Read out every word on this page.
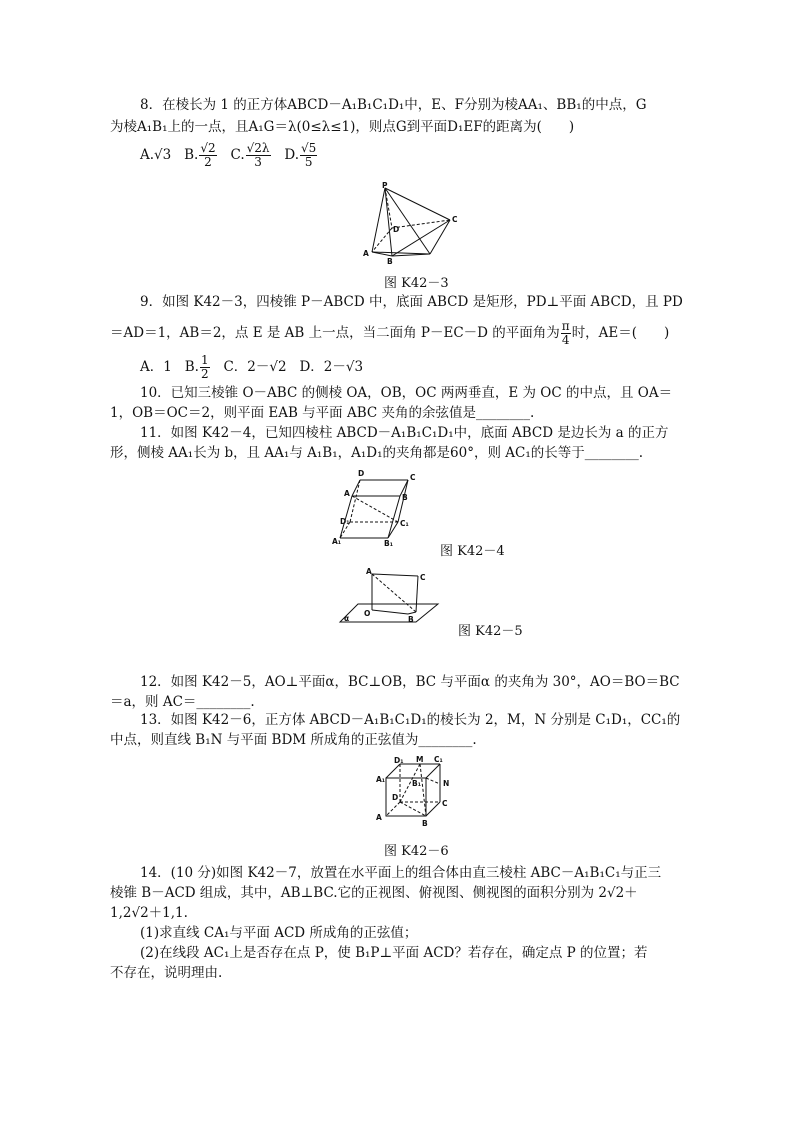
8．在棱长为 1 的正方体ABCD－A₁B₁C₁D₁中，E、F分别为棱AA₁、BB₁的中点，G
为棱A₁B₁上的一点，且A₁G＝λ(0≤λ≤1)，则点G到平面D₁EF的距离为(　　)
A.√3 B. $\frac{√2}{2} C$. $\frac{√2\lambda}{3} D$. $\frac{√5}{5}$
P
A
B
C
D
图 K42－3
9．如图 K42－3，四棱锥 P－ABCD 中，底面 ABCD 是矩形，PD⊥平面 ABCD，且 PD
＝AD＝1，AB＝2，点 E 是 AB 上一点，当二面角 P－EC－D 的平面角为 $\frac{\pi}{4}$ 时，AE＝(　　)
A．1 B. $\frac{1}{2}$ C．2－√2 D．2－√3
10．已知三棱锥 O－ABC 的侧棱 OA，OB，OC 两两垂直，E 为 OC 的中点，且 OA＝
1，OB＝OC＝2，则平面 EAB 与平面 ABC 夹角的余弦值是________.
11．如图 K42－4，已知四棱柱 ABCD－A₁B₁C₁D₁中，底面 ABCD 是边长为 a 的正方
形，侧棱 AA₁长为 b，且 AA₁与 A₁B₁，A₁D₁的夹角都是60°，则 AC₁的长等于________.
D	C
A	B
D₁	C₁
A₁	B₁
图 K42－4
A
C
O
B
α
图 K42－5
12．如图 K42－5，AO⊥平面α，BC⊥OB，BC 与平面α 的夹角为 30°，AO＝BO＝BC
＝a，则 AC＝________.
13．如图 K42－6，正方体 ABCD－A₁B₁C₁D₁的棱长为 2，M，N 分别是 C₁D₁，CC₁的
中点，则直线 B₁N 与平面 BDM 所成角的正弦值为________.
D₁ M C₁
A₁	B₁	N
D
C
A
B
图 K42－6
14．(10 分)如图 K42－7，放置在水平面上的组合体由直三棱柱 ABC－A₁B₁C₁与正三
棱锥 B－ACD 组成，其中，AB⊥BC.它的正视图、俯视图、侧视图的面积分别为 2√2＋
1,2√2＋1,1.
(1)求直线 CA₁与平面 ACD 所成角的正弦值；
(2)在线段 AC₁上是否存在点 P，使 B₁P⊥平面 ACD？若存在，确定点 P 的位置；若
不存在，说明理由.
